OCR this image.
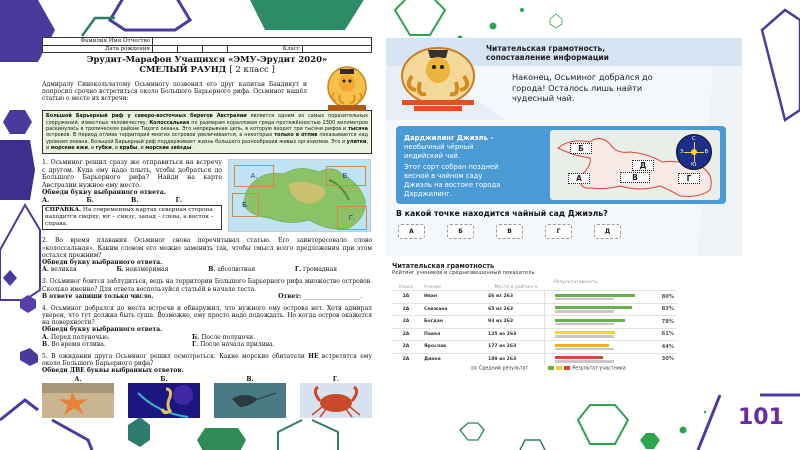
Фамилия Имя Отчество					
Дата рождения				Класс	
Эрудит-Марафон Учащихся «ЭМУ-Эрудит 2020»
СМЕЛЫЙ РАУНД [ 2 класс ]
Адмиралу Синекольчатому Осьминогу позвонил его друг капитан Бандикут и попросил срочно встретиться около Большого Барьерного рифа. Осьминог нашёл статью о месте их встречи:
Большой Барьерный риф у северо-восточных берегов Австралии является одним из самых поразительных сооружений, известных человечеству. Колоссальная по размерам коралловая гряда протяжённостью 2300 километров раскинулась в тропическом районе Тихого океана. Это непрерывная цепь, в которую входят три тысячи рифов и тысяча островов. В период отлива территория многих островов увеличивается, а некоторые только в отлив показываются над уровнем океана. Большой Барьерный риф поддерживает жизнь большого разнообразия живых организмов. Это и улитки, и морские ежи, и губки, и крабы, и морские звёзды.
1. Осьминог решил сразу же отправиться на встречу с другом. Куда ему надо плыть, чтобы добраться до Большого Барьерного рифа? Найди на карте Австралии нужное ему место.
Обведи букву выбранного ответа.
А.	Б.	В.	Г.
СПРАВКА. На современных картах северная сторона находится сверху, юг – снизу, запад – слева, а восток – справа.
А.	В.
Б.
Г.
2. Во время плавания Осьминог снова перечитывал статью. Его заинтересовало слово «колоссальная». Каким словом его можно заменить так, чтобы смысл всего предложения при этом остался прежним?
Обведи букву выбранного ответа.
А. великая	Б. неизмеримая	В. абсолютная	Г. громадная
3. Осьминог боится заблудиться, ведь на территории Большого Барьерного рифа множество островов. Сколько именно? Для ответа воспользуйся статьёй в начале теста.
В ответе запиши только число.	Ответ: ___________________.
4. Осьминог добрался до места встречи и обнаружил, что нужного ему острова нет. Хотя адмирал уверен, что тут должна быть суша. Возможно, ему просто надо подождать. Но когда остров окажется на поверхности?
Обведи букву выбранного ответа.
А. Перед полуночью.	Б. После полуночи.
В. Во время отлива.	Г. После начала прилива.
5. В ожидании друга Осьминог решил осмотреться. Какие морские обитатели НЕ встретятся ему около Большого Барьерного рифа?
Обведи ДВЕ буквы выбранных ответов.
А.	Б.	В.	Г.
Читательская грамотность,
сопоставление информации
Наконец, Осьминог добрался до
города! Осталось лишь найти
чудесный чай.
Дарджилинг Джиэль –
необычный чёрный
индийский чай.
Этот сорт собран поздней
весной в чайном саду
Джиэль на востоке города
Дарджилинг.
Б
Д
А	В	Г
С
Ю
З	В
В какой точке находится чайный сад Джиэль?
А	Б	В	Г	Д
Читательская грамотность
Рейтинг учеников и среднезвешенный показатель
Класс	Ученик	Место в рейтинге
Результативность
2А	Иван	46 из 263	80%
2А	Снежана	65 из 263	83%
2А	Богдан	93 из 263	78%
2А	Павел	125 из 263	61%
2А	Ярослав	177 из 263	44%
2А	Диана	189 из 263	30%
Средний результат	Результат участника
101
